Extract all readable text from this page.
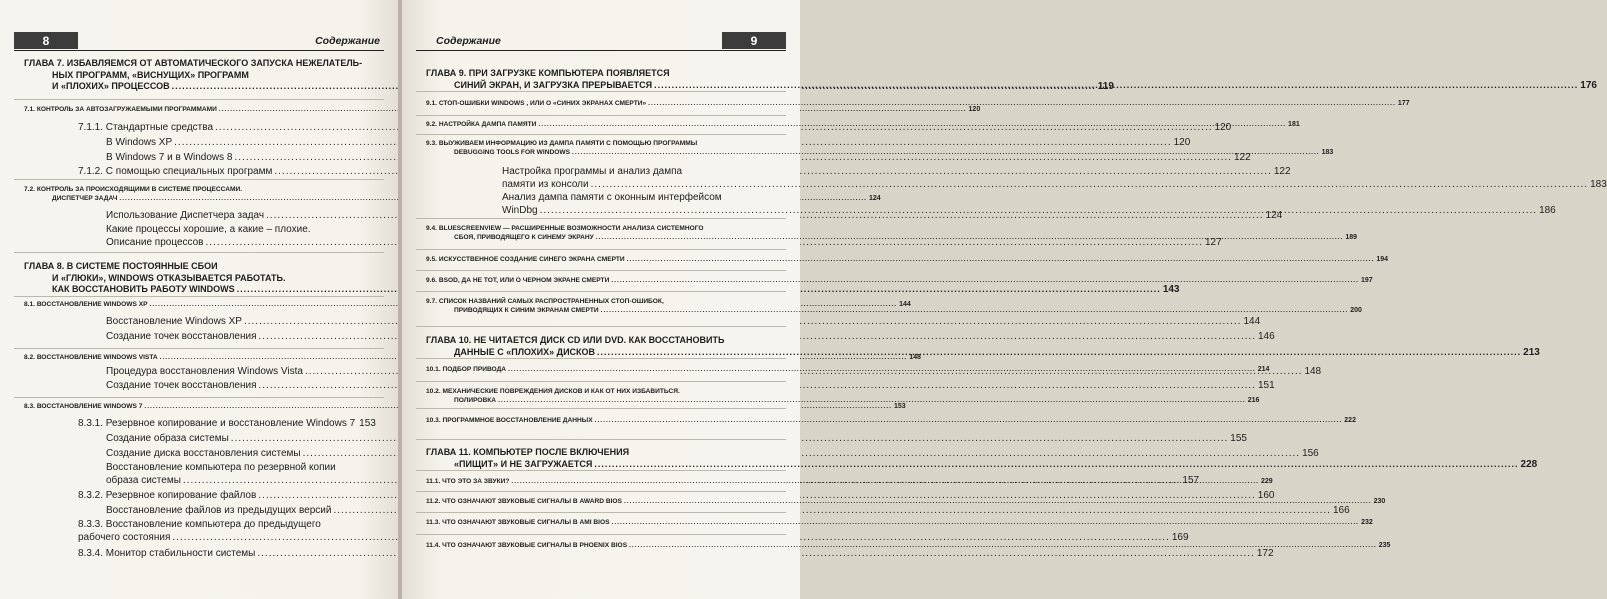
8	Содержание
ГЛАВА 7. ИЗБАВЛЯЕМСЯ ОТ АВТОМАТИЧЕСКОГО ЗАПУСКА НЕЖЕЛАТЕЛЬ-
НЫХ ПРОГРАММ, «ВИСНУЩИХ» ПРОГРАММ
И «ПЛОХИХ» ПРОЦЕССОВ .....	119
7.1. КОНТРОЛЬ ЗА АВТОЗАГРУЖАЕМЫМИ ПРОГРАММАМИ .....	120
7.1.1. Стандартные средства .....	120
В Windows XP .....	120
В Windows 7 и в Windows 8 .....	122
7.1.2. С помощью специальных программ .....	122
7.2. КОНТРОЛЬ ЗА ПРОИСХОДЯЩИМИ В СИСТЕМЕ ПРОЦЕССАМИ.
ДИСПЕТЧЕР ЗАДАЧ .....	124
Использование Диспетчера задач .....	124
Какие процессы хорошие, а какие – плохие.
Описание процессов .....	127
ГЛАВА 8. В СИСТЕМЕ ПОСТОЯННЫЕ СБОИ
И «ГЛЮКИ», WINDOWS ОТКАЗЫВАЕТСЯ РАБОТАТЬ.
КАК ВОССТАНОВИТЬ РАБОТУ WINDOWS .....	143
8.1. ВОССТАНОВЛЕНИЕ WINDOWS XP .....	144
Восстановление Windows XP .....	144
Создание точек восстановления .....	146
8.2. ВОССТАНОВЛЕНИЕ WINDOWS VISTA .....	148
Процедура восстановления Windows Vista .....	148
Создание точек восстановления .....	151
8.3. ВОССТАНОВЛЕНИЕ WINDOWS 7 .....	153
8.3.1. Резервное копирование и восстановление Windows 7 153
Создание образа системы .....	155
Создание диска восстановления системы .....	156
Восстановление компьютера по резервной копии
образа системы .....	157
8.3.2. Резервное копирование файлов .....	160
Восстановление файлов из предыдущих версий .....	166
8.3.3. Восстановление компьютера до предыдущего
рабочего состояния .....	169
8.3.4. Монитор стабильности системы .....	172
Содержание	9
ГЛАВА 9. ПРИ ЗАГРУЗКЕ КОМПЬЮТЕРА ПОЯВЛЯЕТСЯ
СИНИЙ ЭКРАН, И ЗАГРУЗКА ПРЕРЫВАЕТСЯ .....	176
9.1. СТОП-ОШИБКИ WINDOWS , ИЛИ О «СИНИХ ЭКРАНАХ СМЕРТИ» .....	177
9.2. НАСТРОЙКА ДАМПА ПАМЯТИ .....	181
9.3. ВЫУЖИВАЕМ ИНФОРМАЦИЮ ИЗ ДАМПА ПАМЯТИ С ПОМОЩЬЮ ПРОГРАММЫ
DEBUGGING TOOLS FOR WINDOWS .....	183
Настройка программы и анализ дампа
памяти из консоли .....	183
Анализ дампа памяти с оконным интерфейсом
WinDbg .....	186
9.4. BLUESCREENVIEW — РАСШИРЕННЫЕ ВОЗМОЖНОСТИ АНАЛИЗА СИСТЕМНОГО
СБОЯ, ПРИВОДЯЩЕГО К СИНЕМУ ЭКРАНУ .....	189
9.5. ИСКУССТВЕННОЕ СОЗДАНИЕ СИНЕГО ЭКРАНА СМЕРТИ .....	194
9.6. BSOD, ДА НЕ ТОТ, ИЛИ О ЧЕРНОМ ЭКРАНЕ СМЕРТИ .....	197
9.7. СПИСОК НАЗВАНИЙ САМЫХ РАСПРОСТРАНЕННЫХ СТОП-ОШИБОК,
ПРИВОДЯЩИХ К СИНИМ ЭКРАНАМ СМЕРТИ .....	200
ГЛАВА 10. НЕ ЧИТАЕТСЯ ДИСК CD ИЛИ DVD. КАК ВОССТАНОВИТЬ
ДАННЫЕ С «ПЛОХИХ» ДИСКОВ .....	213
10.1. ПОДБОР ПРИВОДА .....	214
10.2. МЕХАНИЧЕСКИЕ ПОВРЕЖДЕНИЯ ДИСКОВ И КАК ОТ НИХ ИЗБАВИТЬСЯ.
ПОЛИРОВКА .....	216
10.3. ПРОГРАММНОЕ ВОССТАНОВЛЕНИЕ ДАННЫХ .....	222
ГЛАВА 11. КОМПЬЮТЕР ПОСЛЕ ВКЛЮЧЕНИЯ
«ПИЩИТ» И НЕ ЗАГРУЖАЕТСЯ .....	228
11.1. ЧТО ЭТО ЗА ЗВУКИ? .....	229
11.2. ЧТО ОЗНАЧАЮТ ЗВУКОВЫЕ СИГНАЛЫ В AWARD BIOS .....	230
11.3. ЧТО ОЗНАЧАЮТ ЗВУКОВЫЕ СИГНАЛЫ В AMI BIOS .....	232
11.4. ЧТО ОЗНАЧАЮТ ЗВУКОВЫЕ СИГНАЛЫ В PHOENIX BIOS .....	235
